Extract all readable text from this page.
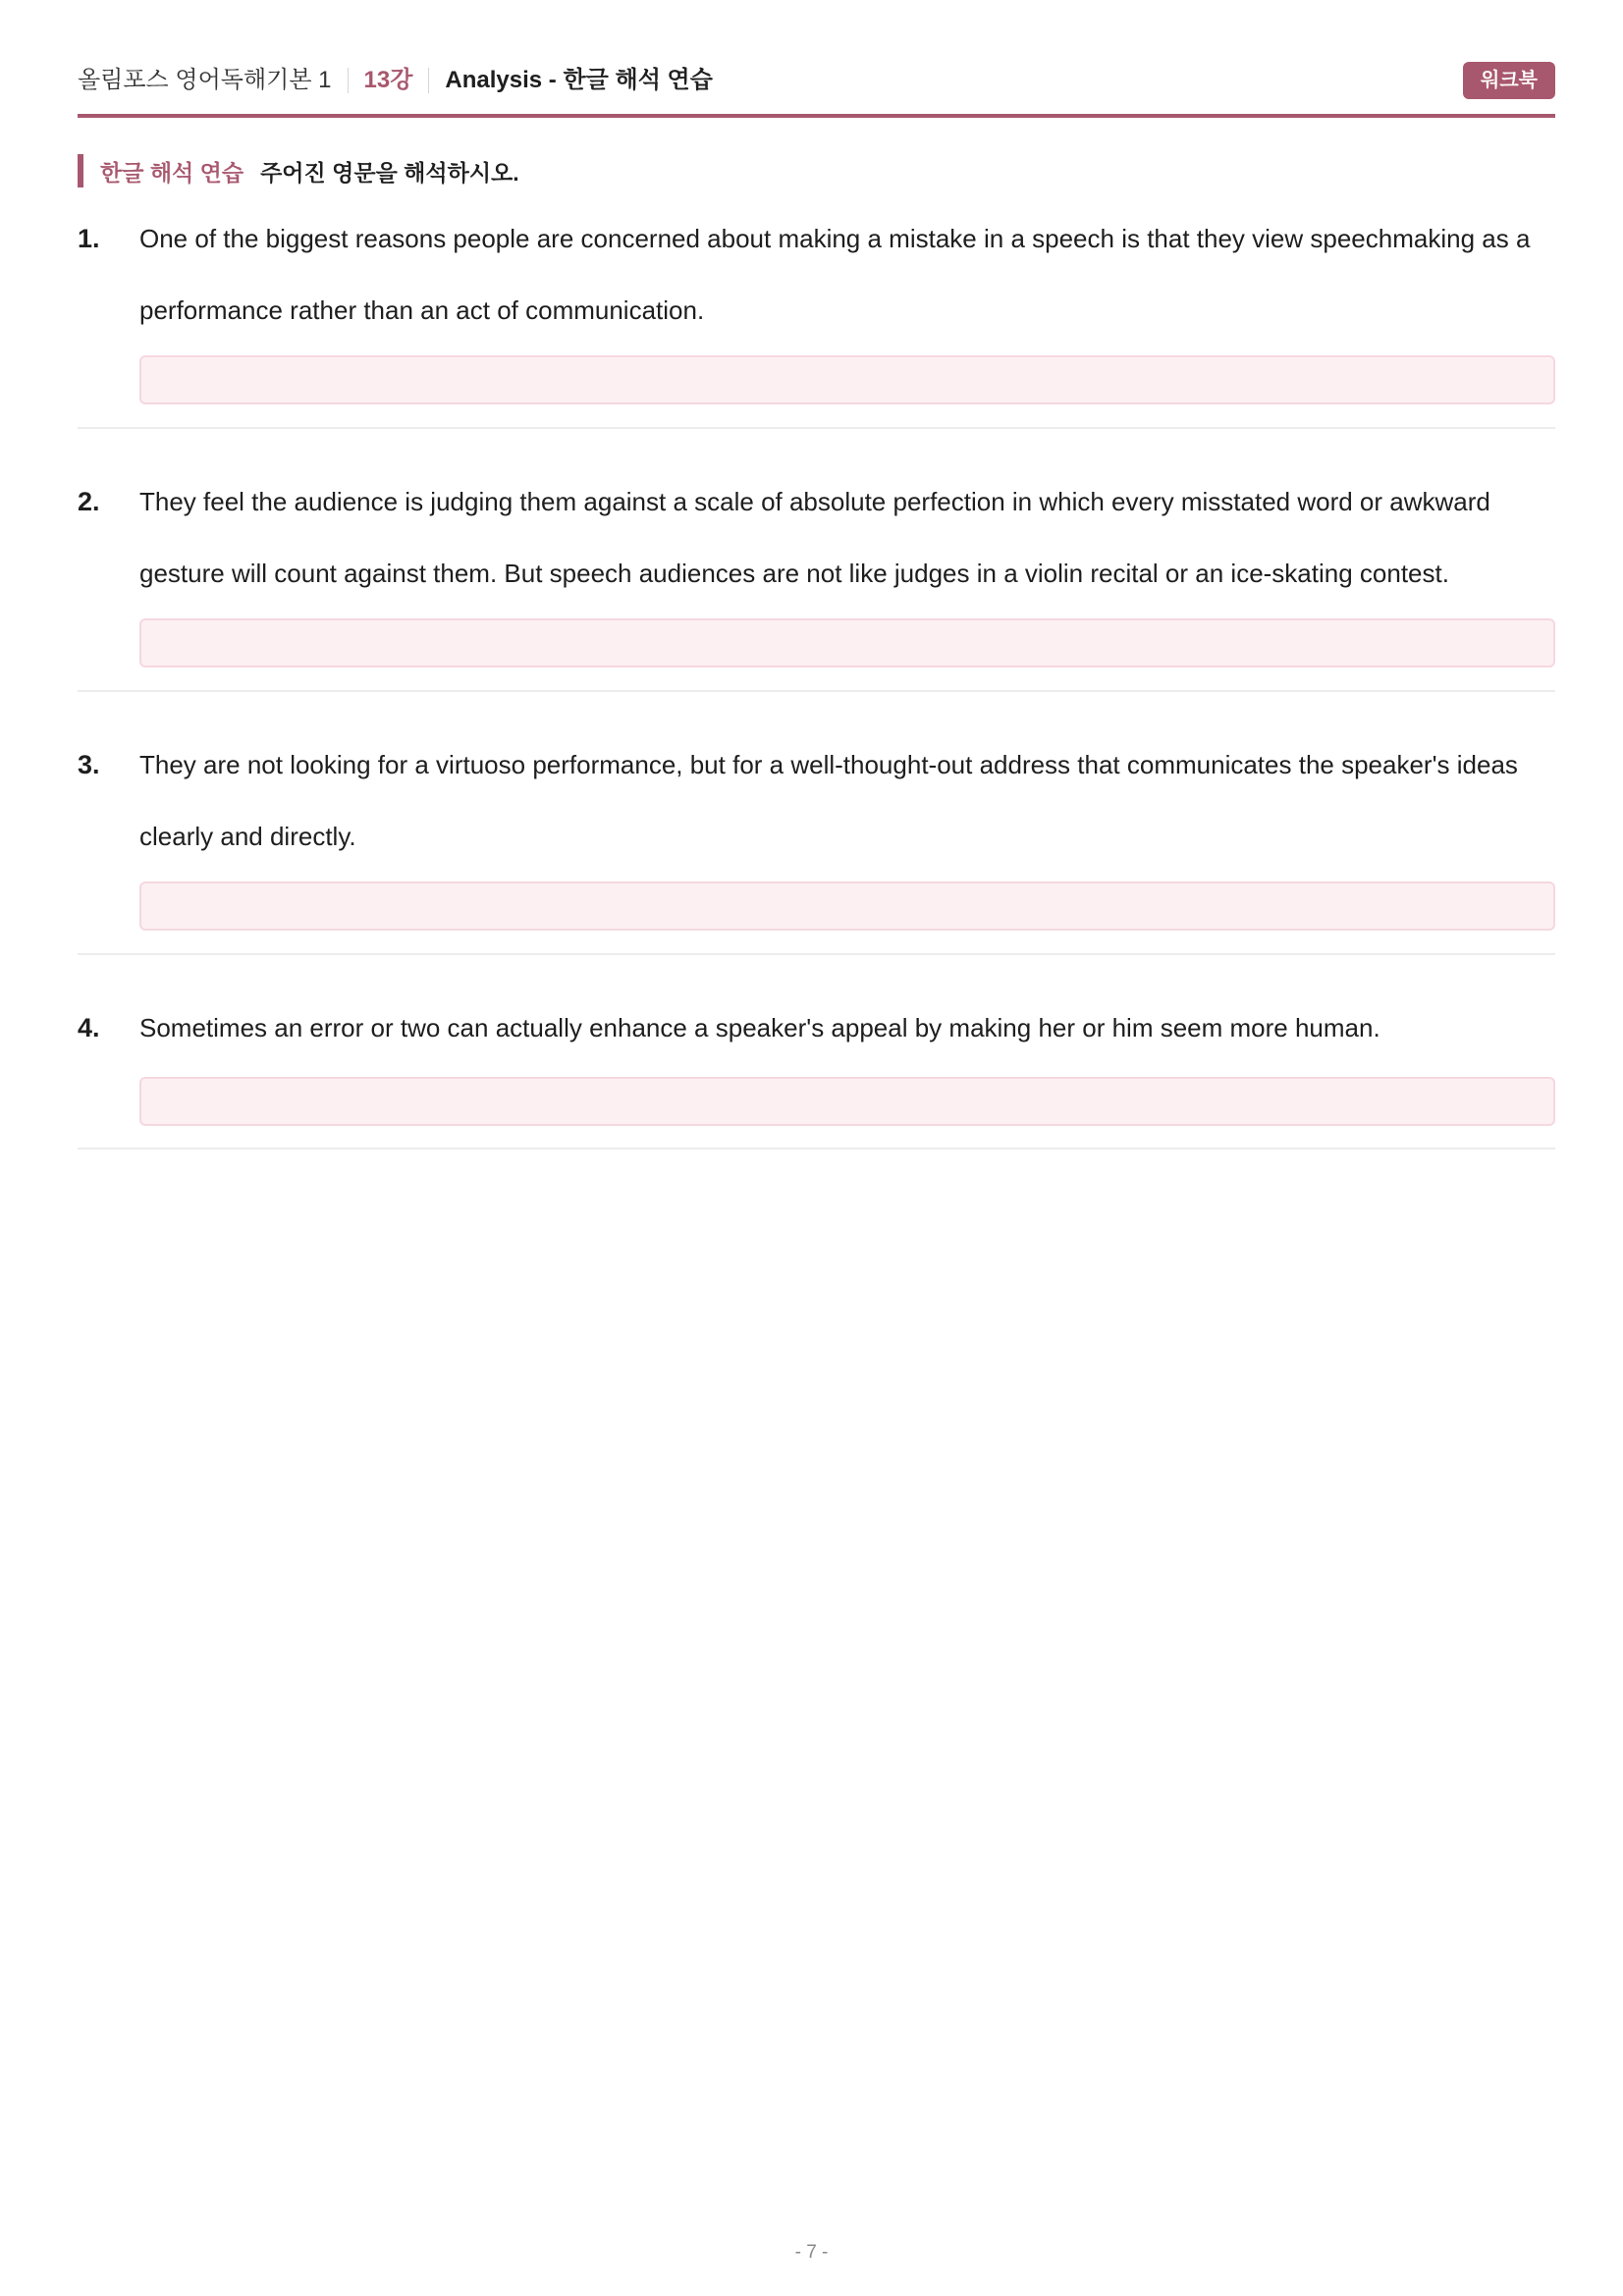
올림포스 영어독해기본 1 13강 Analysis - 한글 해석 연습	워크북
한글 해석 연습 주어진 영문을 해석하시오.
1. One of the biggest reasons people are concerned about making a mistake in a speech is that they view speechmaking as a performance rather than an act of communication.

2. They feel the audience is judging them against a scale of absolute perfection in which every misstated word or awkward gesture will count against them. But speech audiences are not like judges in a violin recital or an ice-skating contest.

3. They are not looking for a virtuoso performance, but for a well-thought-out address that communicates the speaker's ideas clearly and directly.

4. Sometimes an error or two can actually enhance a speaker's appeal by making her or him seem more human.

- 7 -
